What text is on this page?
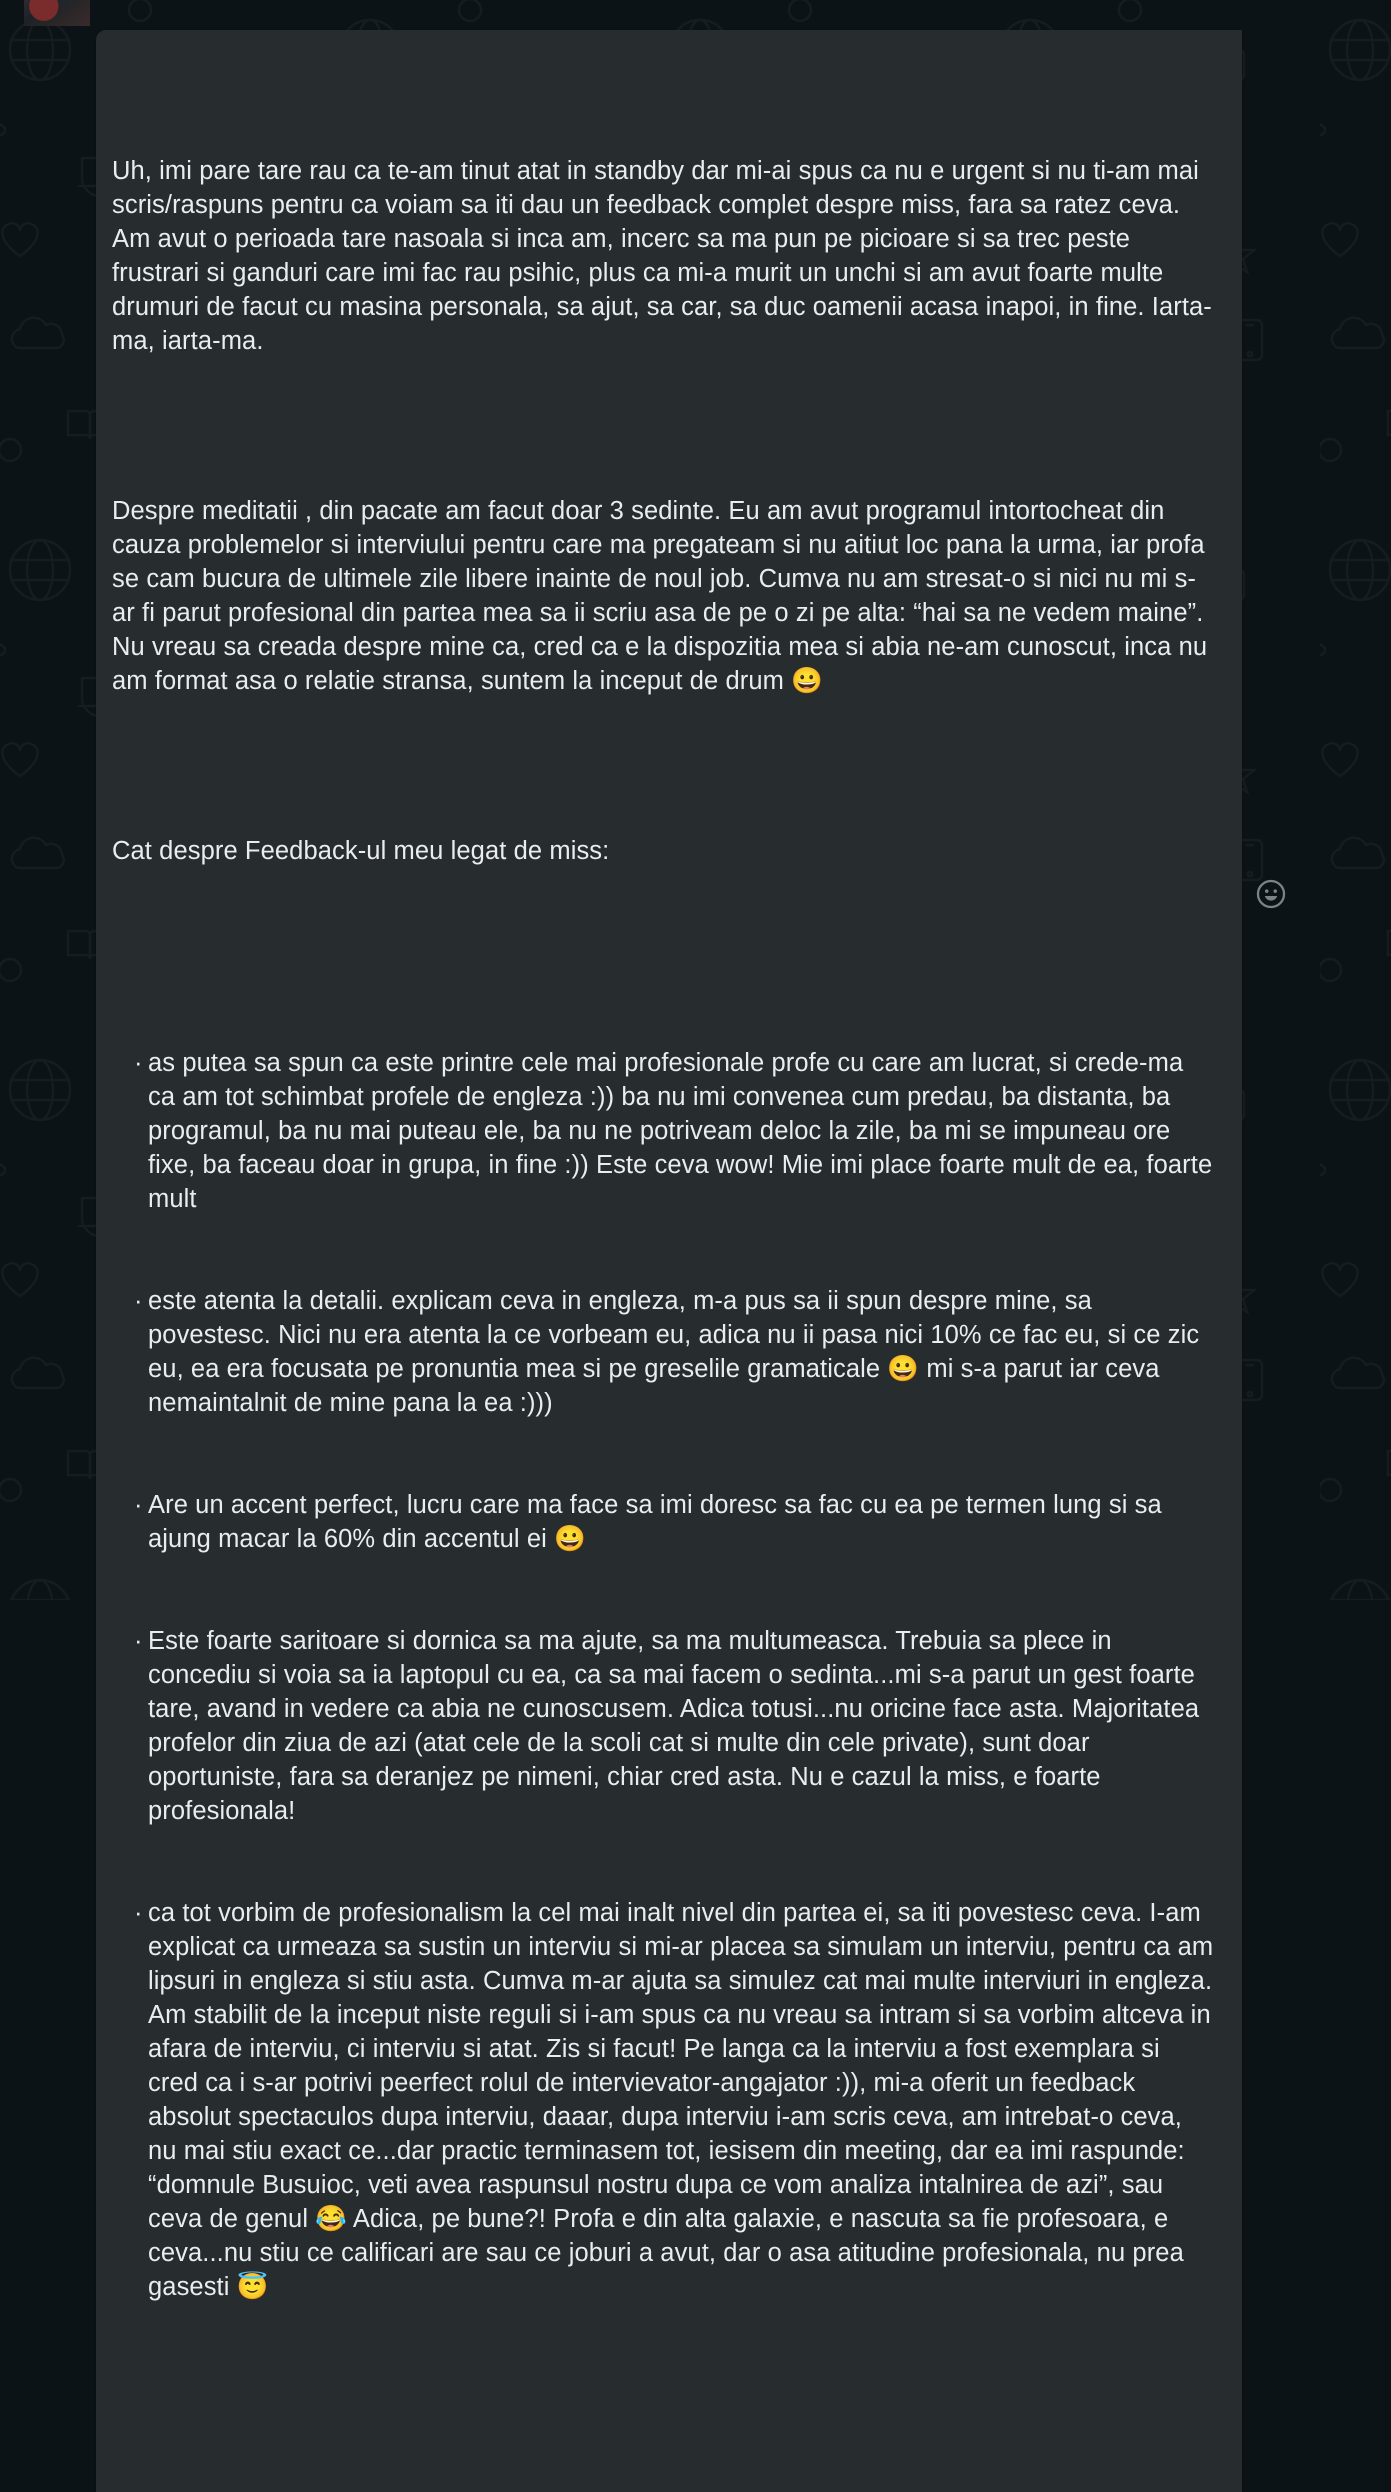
Uh, imi pare tare rau ca te-am tinut atat in standby dar mi-ai spus ca nu e urgent si nu ti-am mai scris/raspuns pentru ca voiam sa iti dau un feedback complet despre miss, fara sa ratez ceva. Am avut o perioada tare nasoala si inca am, incerc sa ma pun pe picioare si sa trec peste frustrari si ganduri care imi fac rau psihic, plus ca mi-a murit un unchi si am avut foarte multe drumuri de facut cu masina personala, sa ajut, sa car, sa duc oamenii acasa inapoi, in fine. Iarta-ma, iarta-ma.

Despre meditatii , din pacate am facut doar 3 sedinte. Eu am avut programul intortocheat din cauza problemelor si interviului pentru care ma pregateam si nu aitiut loc pana la urma, iar profa se cam bucura de ultimele zile libere inainte de noul job. Cumva nu am stresat-o si nici nu mi s-ar fi parut profesional din partea mea sa ii scriu asa de pe o zi pe alta: “hai sa ne vedem maine”. Nu vreau sa creada despre mine ca, cred ca e la dispozitia mea si abia ne-am cunoscut, inca nu am format asa o relatie stransa, suntem la inceput de drum 😀

Cat despre Feedback-ul meu legat de miss:

· as putea sa spun ca este printre cele mai profesionale profe cu care am lucrat, si crede-ma ca am tot schimbat profele de engleza :)) ba nu imi convenea cum predau, ba distanta, ba programul, ba nu mai puteau ele, ba nu ne potriveam deloc la zile, ba mi se impuneau ore fixe, ba faceau doar in grupa, in fine :)) Este ceva wow! Mie imi place foarte mult de ea, foarte mult

· este atenta la detalii. explicam ceva in engleza, m-a pus sa ii spun despre mine, sa povestesc. Nici nu era atenta la ce vorbeam eu, adica nu ii pasa nici 10% ce fac eu, si ce zic eu, ea era focusata pe pronuntia mea si pe greselile gramaticale 😀 mi s-a parut iar ceva nemaintalnit de mine pana la ea :)))

· Are un accent perfect, lucru care ma face sa imi doresc sa fac cu ea pe termen lung si sa ajung macar la 60% din accentul ei 😀

· Este foarte saritoare si dornica sa ma ajute, sa ma multumeasca. Trebuia sa plece in concediu si voia sa ia laptopul cu ea, ca sa mai facem o sedinta...mi s-a parut un gest foarte tare, avand in vedere ca abia ne cunoscusem. Adica totusi...nu oricine face asta. Majoritatea profelor din ziua de azi (atat cele de la scoli cat si multe din cele private), sunt doar oportuniste, fara sa deranjez pe nimeni, chiar cred asta. Nu e cazul la miss, e foarte profesionala!

· ca tot vorbim de profesionalism la cel mai inalt nivel din partea ei, sa iti povestesc ceva. I-am explicat ca urmeaza sa sustin un interviu si mi-ar placea sa simulam un interviu, pentru ca am lipsuri in engleza si stiu asta. Cumva m-ar ajuta sa simulez cat mai multe interviuri in engleza. Am stabilit de la inceput niste reguli si i-am spus ca nu vreau sa intram si sa vorbim altceva in afara de interviu, ci interviu si atat. Zis si facut! Pe langa ca la interviu a fost exemplara si cred ca i s-ar potrivi peerfect rolul de intervievator-angajator :)), mi-a oferit un feedback absolut spectaculos dupa interviu, daaar, dupa interviu i-am scris ceva, am intrebat-o ceva, nu mai stiu exact ce...dar practic terminasem tot, iesisem din meeting, dar ea imi raspunde: “domnule Busuioc, veti avea raspunsul nostru dupa ce vom analiza intalnirea de azi”, sau ceva de genul 😂 Adica, pe bune?! Profa e din alta galaxie, e nascuta sa fie profesoara, e ceva...nu stiu ce calificari are sau ce joburi a avut, dar o asa atitudine profesionala, nu prea gasesti 😇
